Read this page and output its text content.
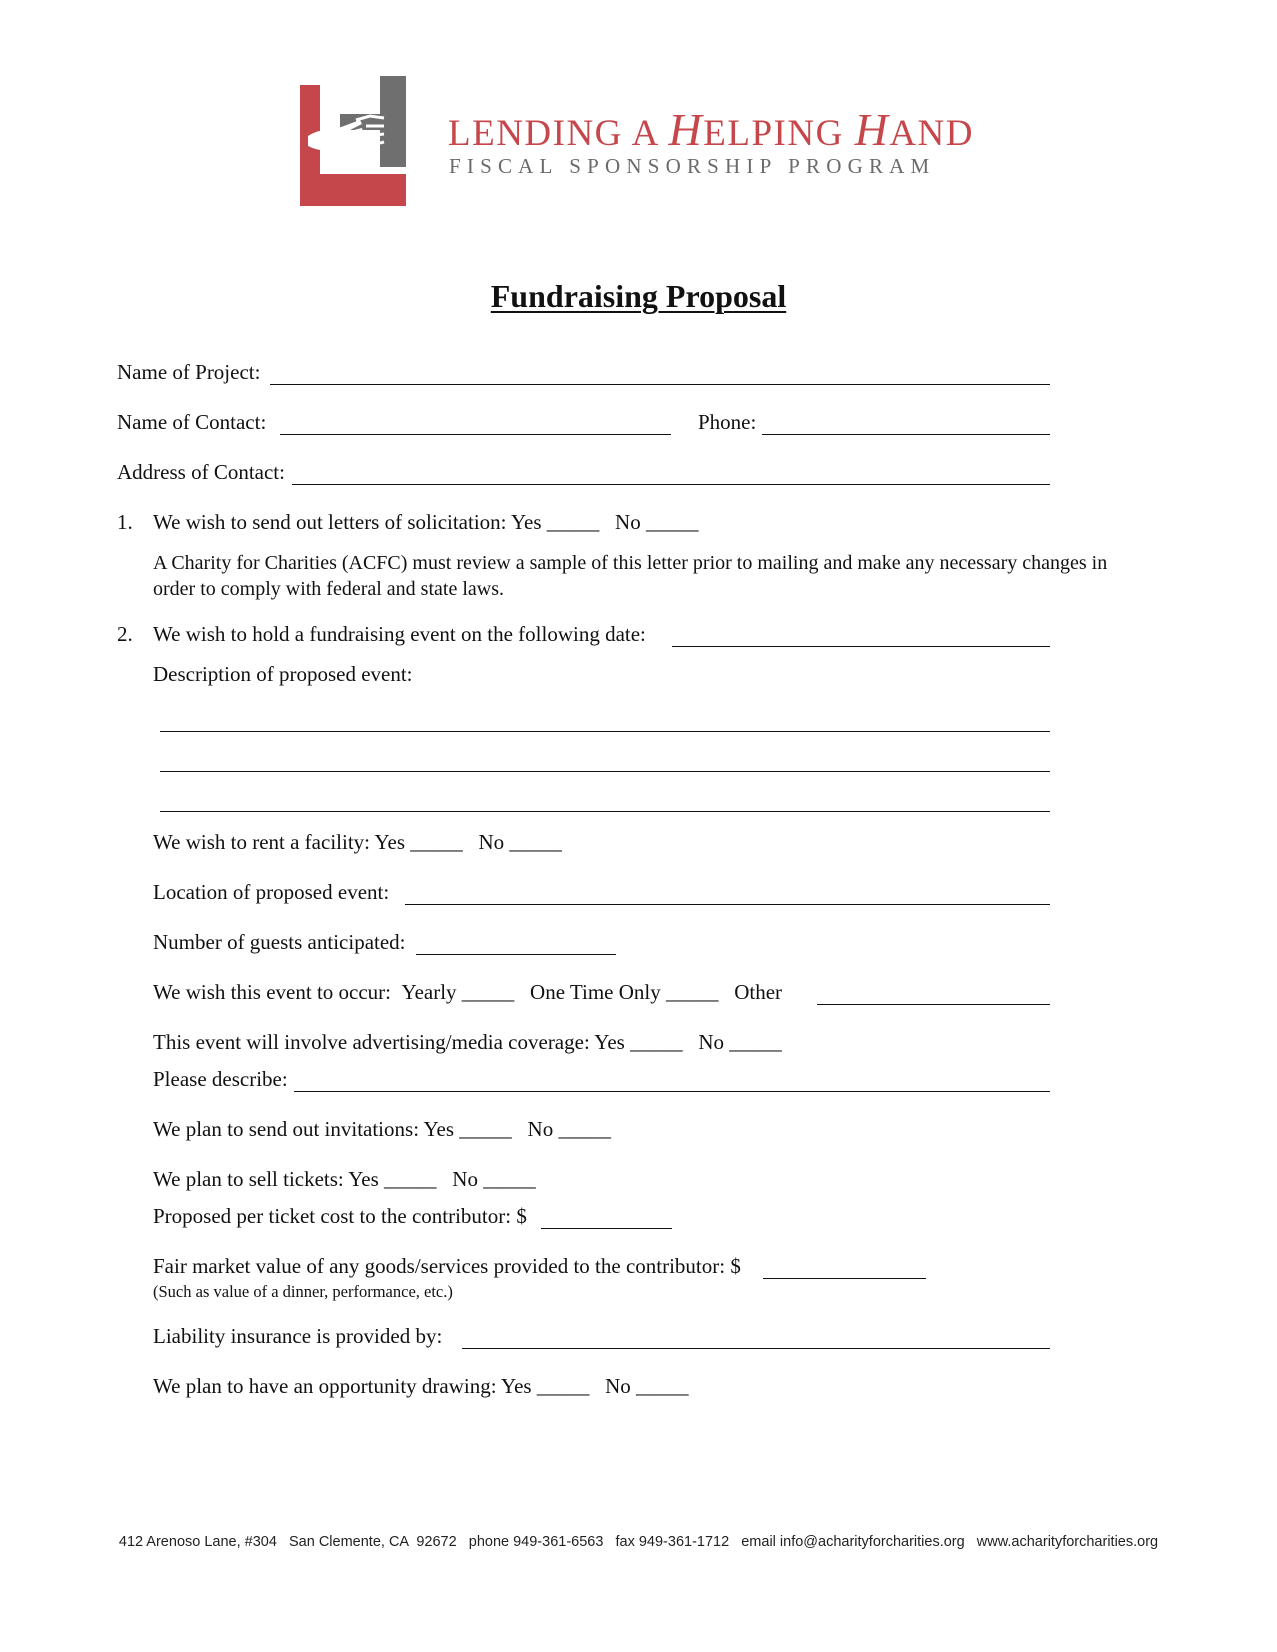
LENDING A HELPING HAND
FISCAL SPONSORSHIP PROGRAM
Fundraising Proposal
Name of Project:
Name of Contact:	Phone:
Address of Contact:
1. We wish to send out letters of solicitation: Yes _____   No _____
A Charity for Charities (ACFC) must review a sample of this letter prior to mailing and make any necessary changes in order to comply with federal and state laws.
2. We wish to hold a fundraising event on the following date:
Description of proposed event:
We wish to rent a facility: Yes _____   No _____
Location of proposed event:
Number of guests anticipated:
We wish this event to occur:  Yearly _____   One Time Only _____   Other
This event will involve advertising/media coverage: Yes _____   No _____
Please describe:
We plan to send out invitations: Yes _____   No _____
We plan to sell tickets: Yes _____   No _____
Proposed per ticket cost to the contributor: $
Fair market value of any goods/services provided to the contributor: $
(Such as value of a dinner, performance, etc.)
Liability insurance is provided by:
We plan to have an opportunity drawing: Yes _____   No _____
412 Arenoso Lane, #304   San Clemente, CA  92672   phone 949-361-6563   fax 949-361-1712   email info@acharityforcharities.org   www.acharityforcharities.org
